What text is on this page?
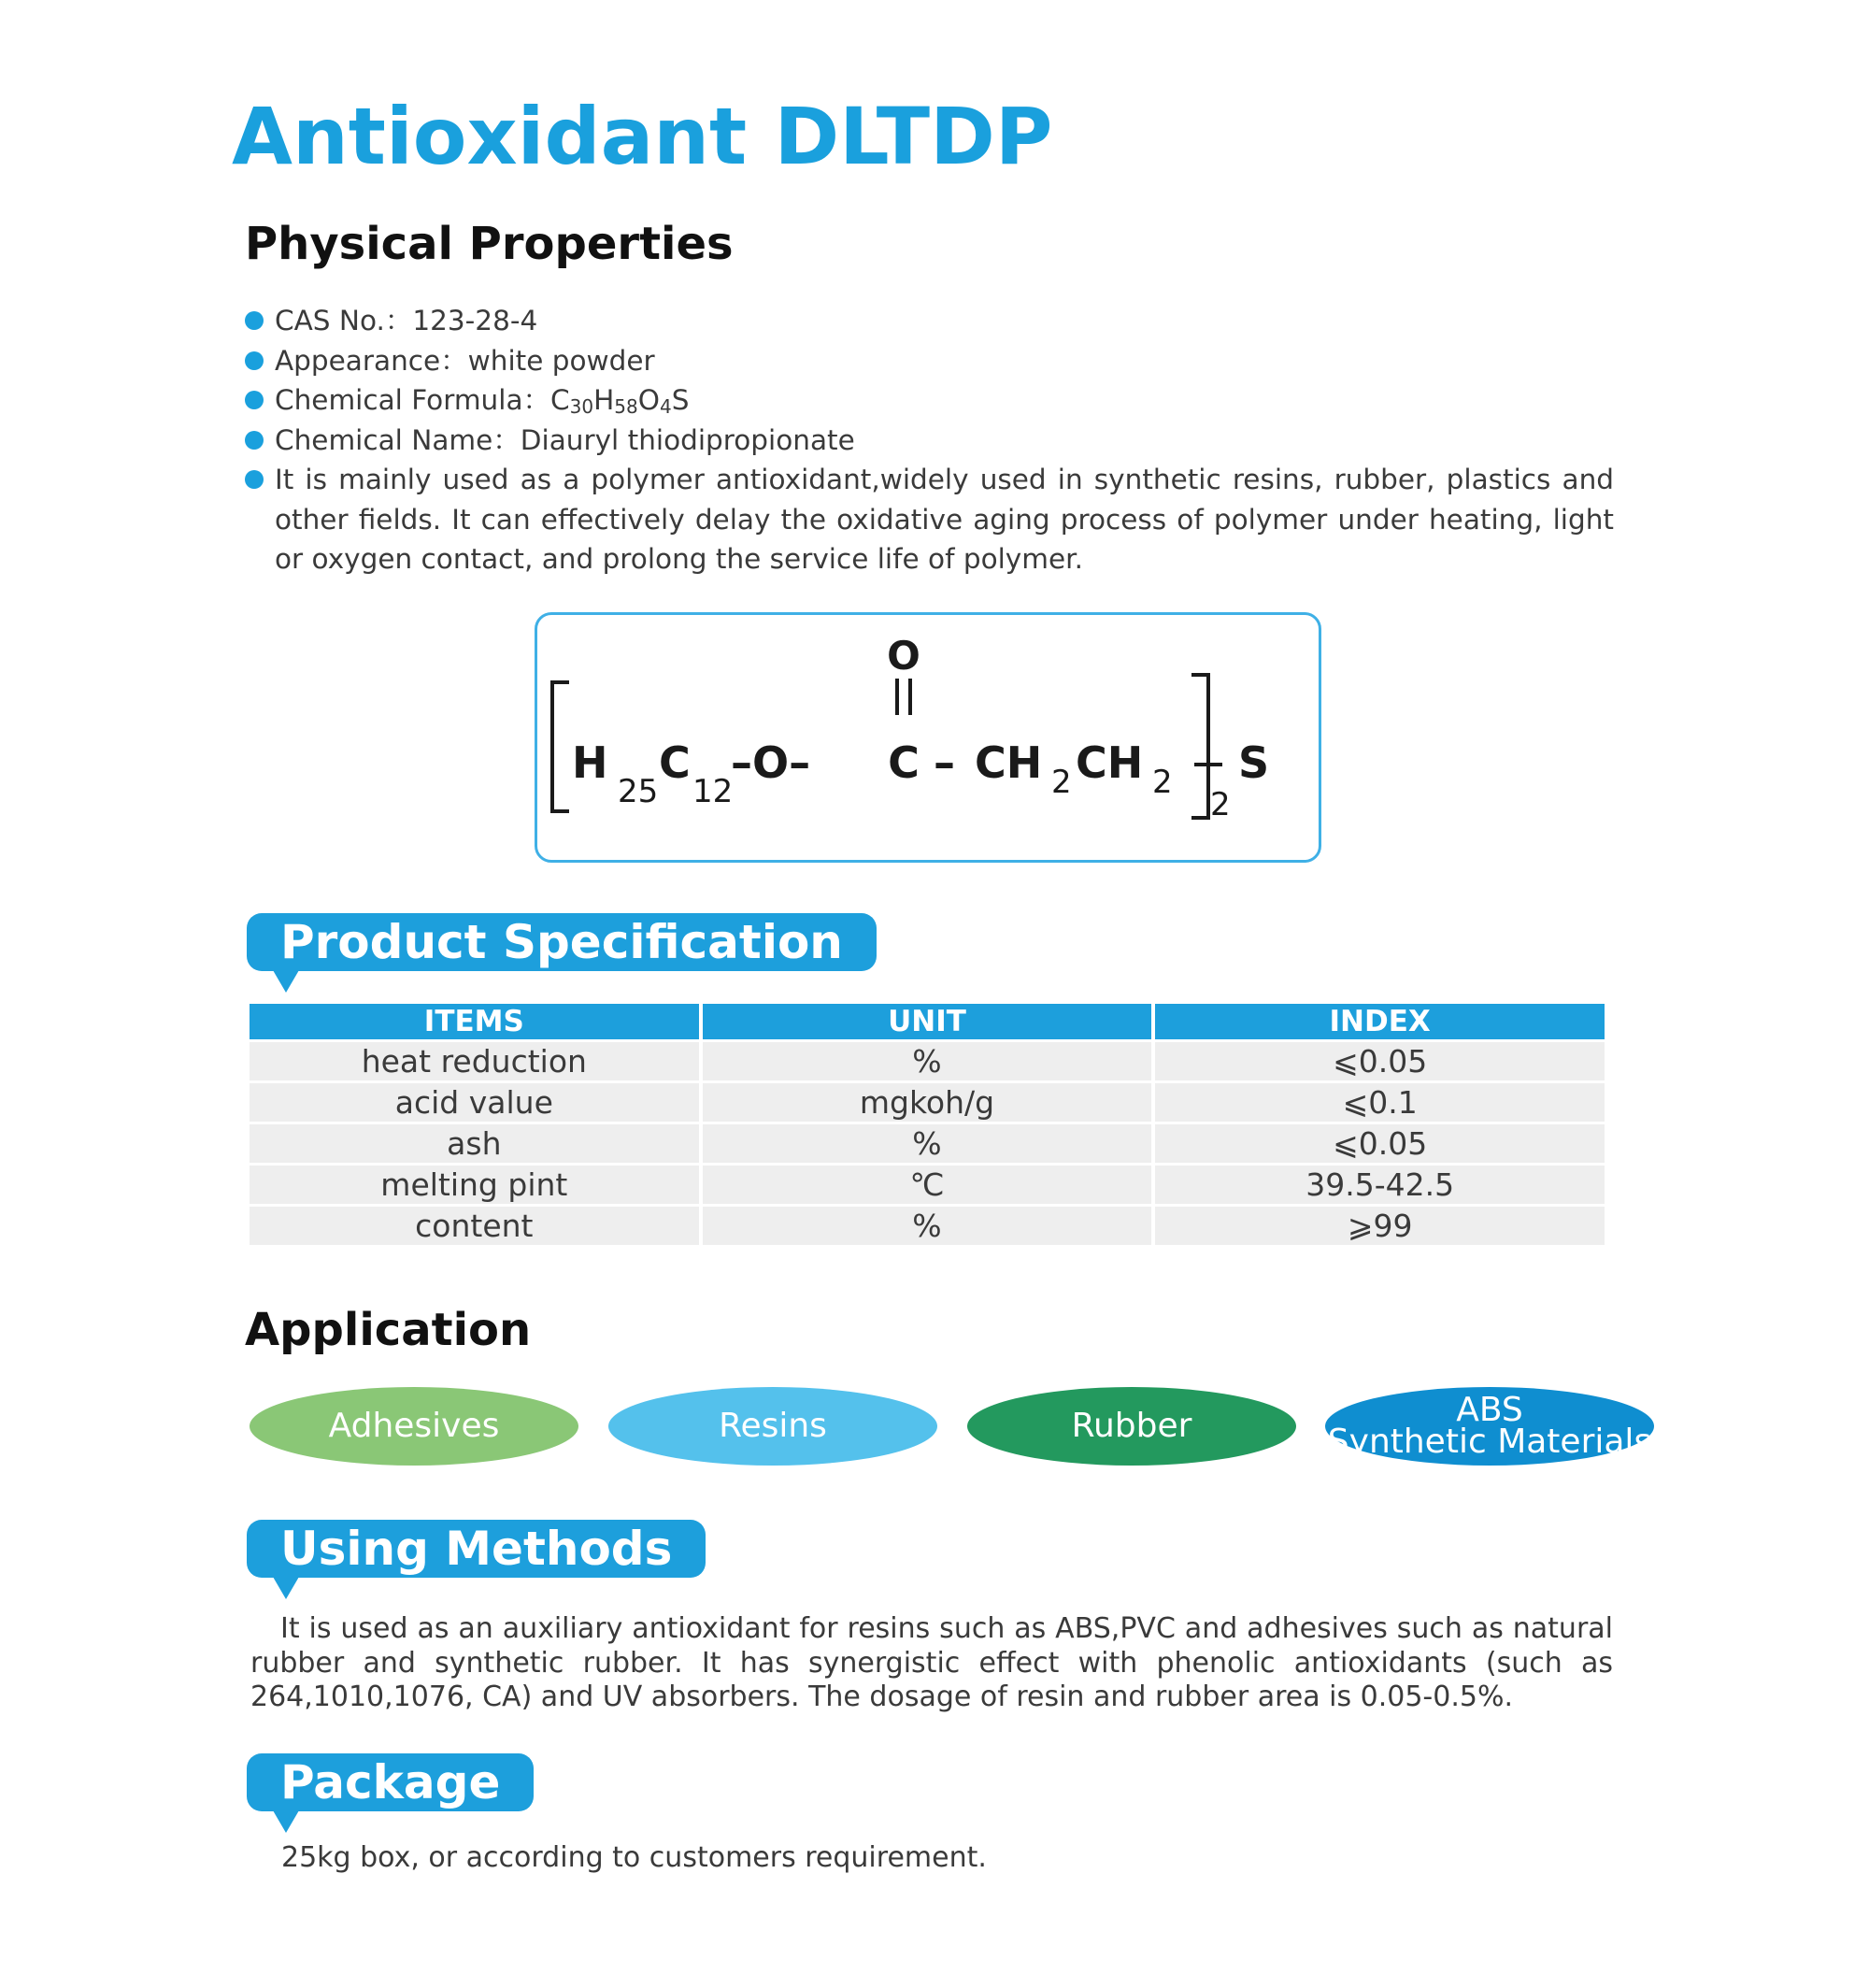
Antioxidant DLTDP
Physical Properties
CAS No.：123-28-4
Appearance：white powder
Chemical Formula：$C_{30}H_{58}O_4S$
Chemical Name：Diauryl thiodipropionate
It is mainly used as a polymer antioxidant,widely used in synthetic resins, rubber, plastics and other fields. It can effectively delay the oxidative aging process of polymer under heating, light or oxygen contact, and prolong the service life of polymer.
O
H
25
C
12
–O– C – CH 2 CH 2
2
S
Product Specification
ITEMS	UNIT	INDEX
heat reduction	%	⩽0.05
acid value	mgkoh/g	⩽0.1
ash	%	⩽0.05
melting pint	℃	39.5-42.5
content	%	⩾99
Application
Adhesives	Resins	Rubber	ABS
Synthetic Materials
Using Methods

It is used as an auxiliary antioxidant for resins such as ABS,PVC and adhesives such as natural rubber and synthetic rubber. It has synergistic effect with phenolic antioxidants (such as 264,1010,1076, CA) and UV absorbers. The dosage of resin and rubber area is 0.05-0.5%.

Package

25kg box, or according to customers requirement.
